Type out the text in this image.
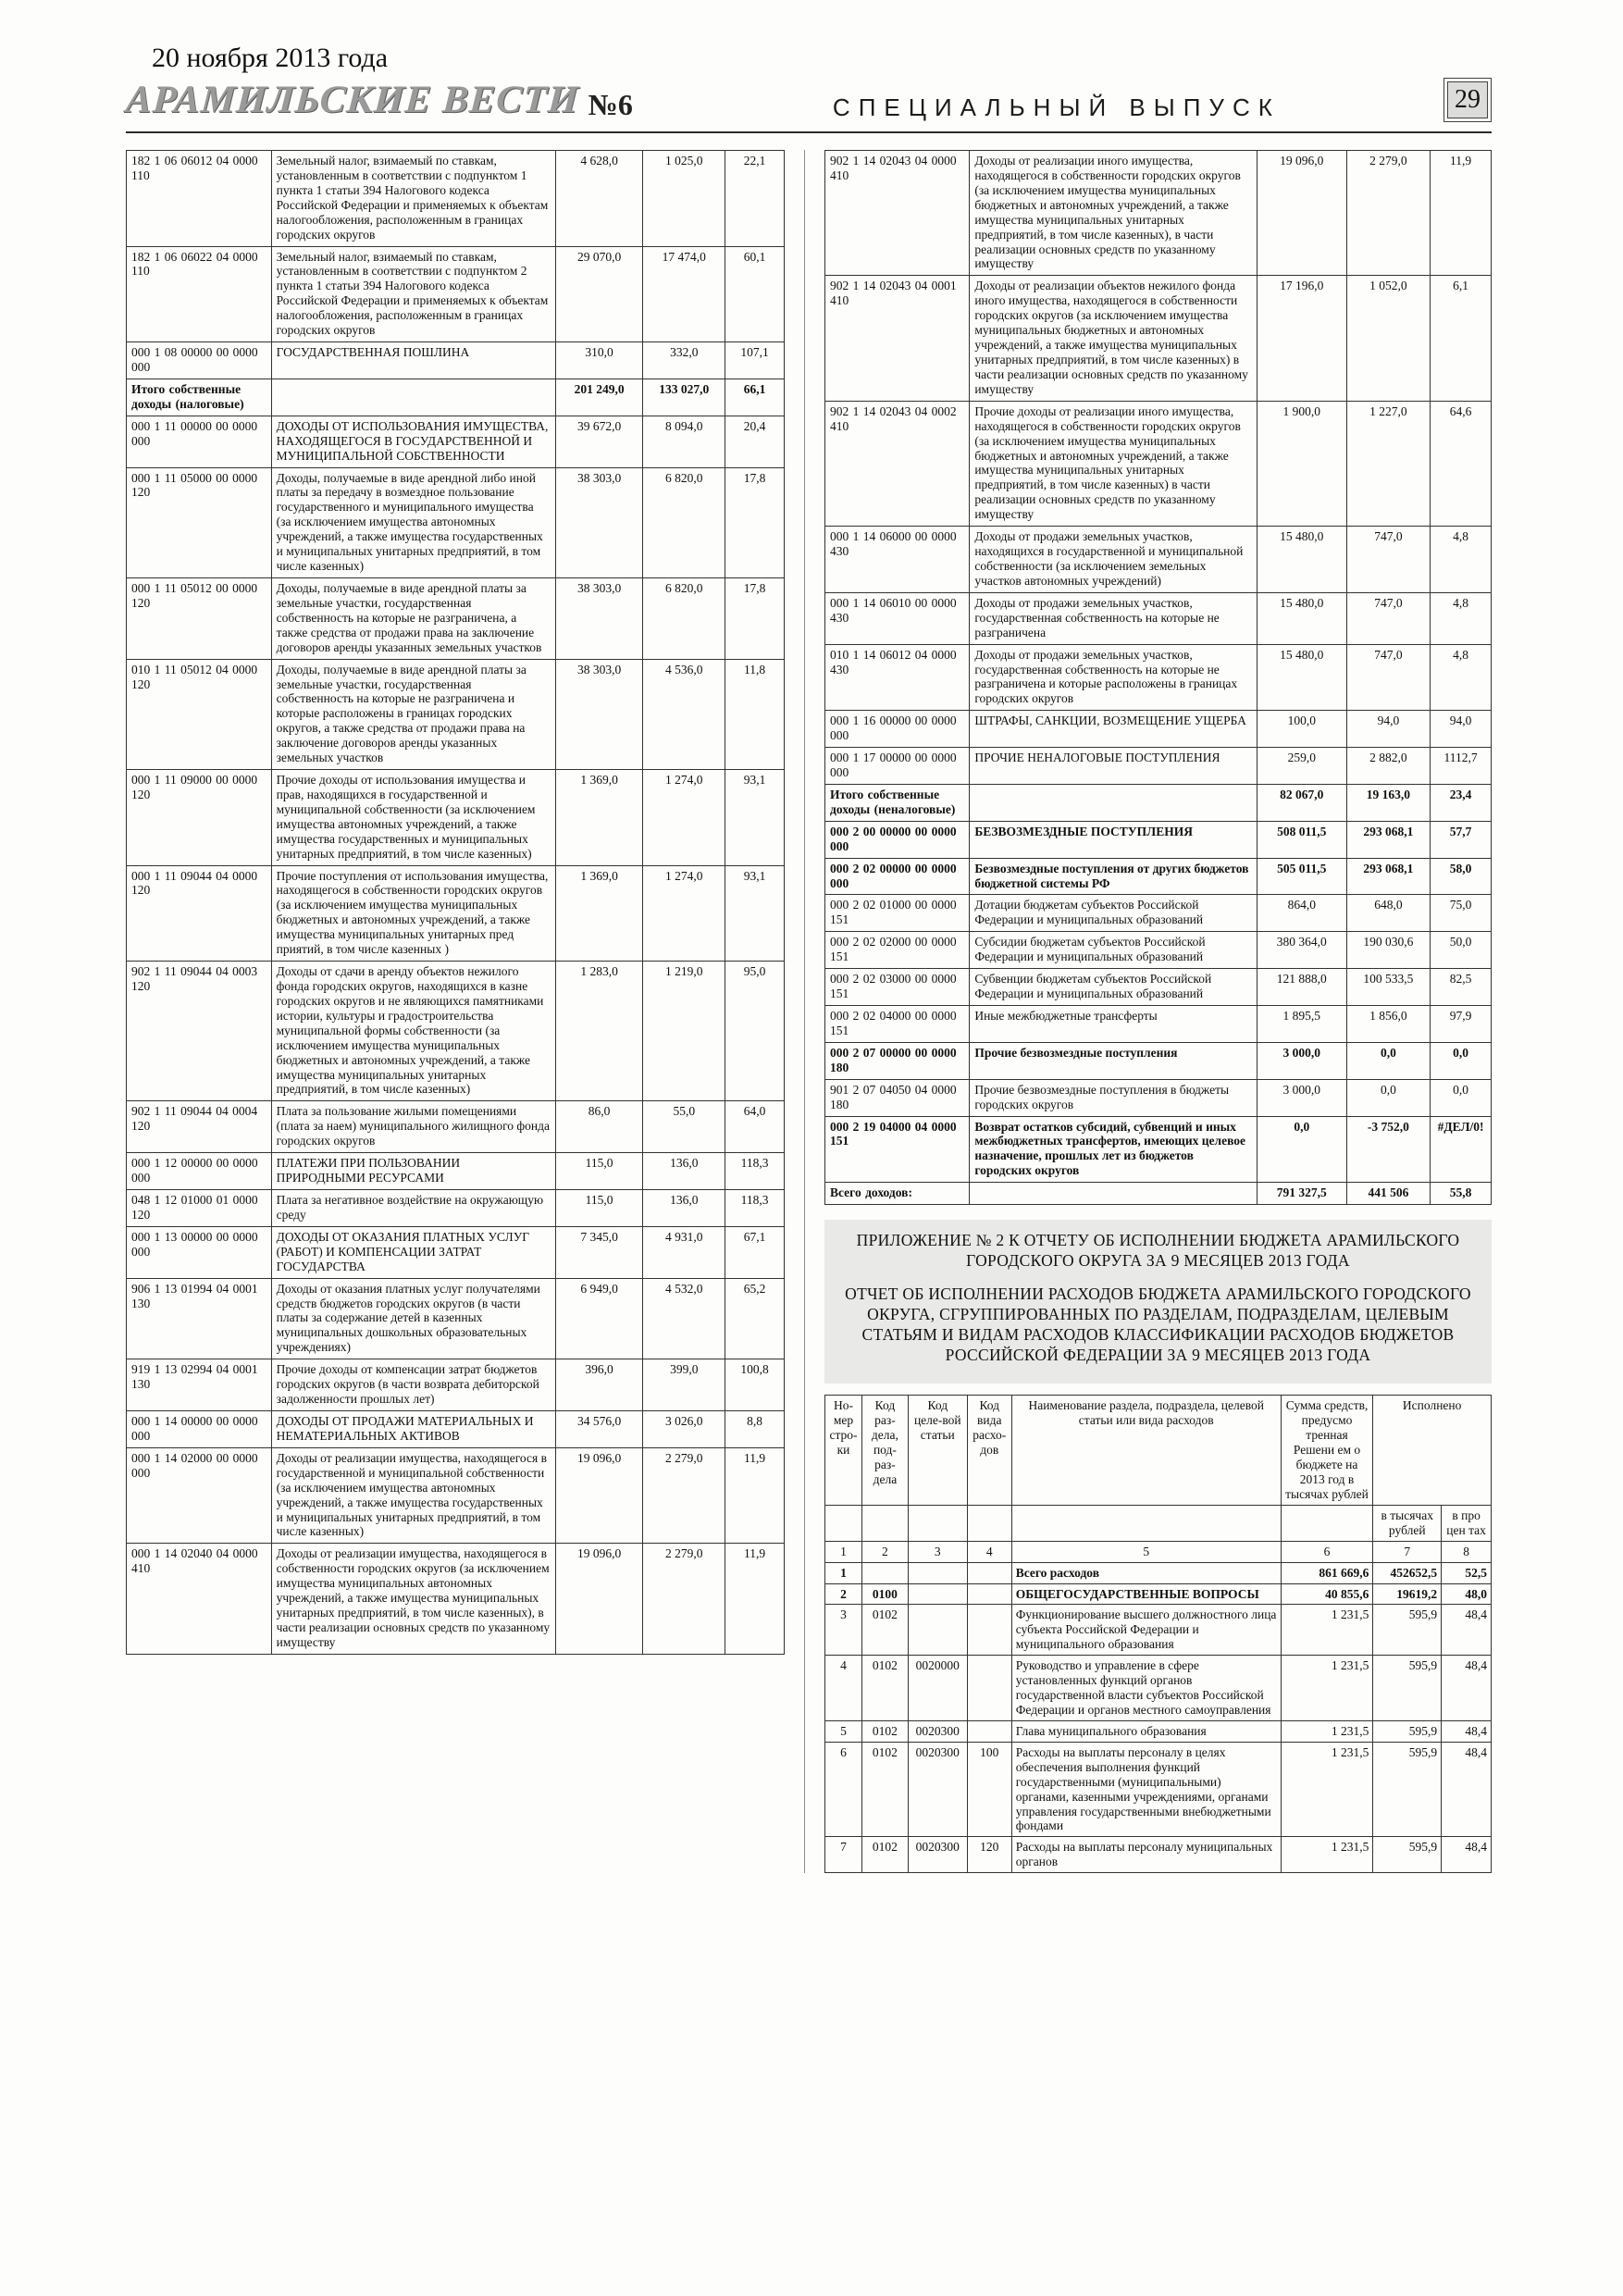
20 ноября 2013 года
АРАМИЛЬСКИЕ ВЕСТИ №6	СПЕЦИАЛЬНЫЙ ВЫПУСК	29
182 1 06 06012 04 0000 110	Земельный налог, взимаемый по ставкам, установленным в соответствии с подпунктом 1 пункта 1 статьи 394 Налогового кодекса Российской Федерации и применяемых к объектам налогообложения, расположенным в границах городских округов	4 628,0	1 025,0	22,1
182 1 06 06022 04 0000 110	Земельный налог, взимаемый по ставкам, установленным в соответствии с подпунктом 2 пункта 1 статьи 394 Налогового кодекса Российской Федерации и применяемых к объектам налогообложения, расположенным в границах городских округов	29 070,0	17 474,0	60,1
000 1 08 00000 00 0000 000	ГОСУДАРСТВЕННАЯ ПОШЛИНА	310,0	332,0	107,1
Итого собственные доходы (налоговые)		201 249,0	133 027,0	66,1
000 1 11 00000 00 0000 000	ДОХОДЫ ОТ ИСПОЛЬЗОВАНИЯ ИМУЩЕСТВА, НАХОДЯЩЕГОСЯ В ГОСУДАРСТВЕННОЙ И МУНИЦИПАЛЬНОЙ СОБСТВЕННОСТИ	39 672,0	8 094,0	20,4
000 1 11 05000 00 0000 120	Доходы, получаемые в виде арендной либо иной платы за передачу в возмездное пользование государственного и муниципального имущества (за исключением имущества автономных учреждений, а также имущества государственных и муниципальных унитарных предприятий, в том числе казенных)	38 303,0	6 820,0	17,8
000 1 11 05012 00 0000 120	Доходы, получаемые в виде арендной платы за земельные участки, государственная собственность на которые не разграничена, а также средства от продажи права на заключение договоров аренды указанных земельных участков	38 303,0	6 820,0	17,8
010 1 11 05012 04 0000 120	Доходы, получаемые в виде арендной платы за земельные участки, государственная собственность на которые не разграничена и которые расположены в границах городских округов, а также средства от продажи права на заключение договоров аренды указанных земельных участков	38 303,0	4 536,0	11,8
000 1 11 09000 00 0000 120	Прочие доходы от использования имущества и прав, находящихся в государственной и муниципальной собственности (за исключением имущества автономных учреждений, а также имущества государственных и муниципальных унитарных предприятий, в том числе казенных)	1 369,0	1 274,0	93,1
000 1 11 09044 04 0000 120	Прочие поступления от использования имущества, находящегося в собственности городских округов (за исключением имущества муниципальных бюджетных и автономных учреждений, а также имущества муниципальных унитарных пред приятий, в том числе казенных )	1 369,0	1 274,0	93,1
902 1 11 09044 04 0003 120	Доходы от сдачи в аренду объектов нежилого фонда городских округов, находящихся в казне городских округов и не являющихся памятниками истории, культуры и градостроительства муниципальной формы собственности (за исключением имущества муниципальных бюджетных и автономных учреждений, а также имущества муниципальных унитарных предприятий, в том числе казенных)	1 283,0	1 219,0	95,0
902 1 11 09044 04 0004 120	Плата за пользование жилыми помещениями (плата за наем) муниципального жилищного фонда городских округов	86,0	55,0	64,0
000 1 12 00000 00 0000 000	ПЛАТЕЖИ ПРИ ПОЛЬЗОВАНИИ ПРИРОДНЫМИ РЕСУРСАМИ	115,0	136,0	118,3
048 1 12 01000 01 0000 120	Плата за негативное воздействие на окружающую среду	115,0	136,0	118,3
000 1 13 00000 00 0000 000	ДОХОДЫ ОТ ОКАЗАНИЯ ПЛАТНЫХ УСЛУГ (РАБОТ) И КОМПЕНСАЦИИ ЗАТРАТ ГОСУДАРСТВА	7 345,0	4 931,0	67,1
906 1 13 01994 04 0001 130	Доходы от оказания платных услуг получателями средств бюджетов городских округов (в части платы за содержание детей в казенных муниципальных дошкольных образовательных учреждениях)	6 949,0	4 532,0	65,2
919 1 13 02994 04 0001 130	Прочие доходы от компенсации затрат бюджетов городских округов (в части возврата дебиторской задолженности прошлых лет)	396,0	399,0	100,8
000 1 14 00000 00 0000 000	ДОХОДЫ ОТ ПРОДАЖИ МАТЕРИАЛЬНЫХ И НЕМАТЕРИАЛЬНЫХ АКТИВОВ	34 576,0	3 026,0	8,8
000 1 14 02000 00 0000 000	Доходы от реализации имущества, находящегося в государственной и муниципальной собственности (за исключением имущества автономных учреждений, а также имущества государственных и муниципальных унитарных предприятий, в том числе казенных)	19 096,0	2 279,0	11,9
000 1 14 02040 04 0000 410	Доходы от реализации имущества, находящегося в собственности городских округов (за исключением имущества муниципальных автономных учреждений, а также имущества муниципальных унитарных предприятий, в том числе казенных), в части реализации основных средств по указанному имуществу	19 096,0	2 279,0	11,9
902 1 14 02043 04 0000 410	Доходы от реализации иного имущества, находящегося в собственности городских округов (за исключением имущества муниципальных бюджетных и автономных учреждений, а также имущества муниципальных унитарных предприятий, в том числе казенных), в части реализации основных средств по указанному имуществу	19 096,0	2 279,0	11,9
902 1 14 02043 04 0001 410	Доходы от реализации объектов нежилого фонда иного имущества, находящегося в собственности городских округов (за исключением имущества муниципальных бюджетных и автономных учреждений, а также имущества муниципальных унитарных предприятий, в том числе казенных) в части реализации основных средств по указанному имуществу	17 196,0	1 052,0	6,1
902 1 14 02043 04 0002 410	Прочие доходы от реализации иного имущества, находящегося в собственности городских округов (за исключением имущества муниципальных бюджетных и автономных учреждений, а также имущества муниципальных унитарных предприятий, в том числе казенных) в части реализации основных средств по указанному имуществу	1 900,0	1 227,0	64,6
000 1 14 06000 00 0000 430	Доходы от продажи земельных участков, находящихся в государственной и муниципальной собственности (за исключением земельных участков автономных учреждений)	15 480,0	747,0	4,8
000 1 14 06010 00 0000 430	Доходы от продажи земельных участков, государственная собственность на которые не разграничена	15 480,0	747,0	4,8
010 1 14 06012 04 0000 430	Доходы от продажи земельных участков, государственная собственность на которые не разграничена и которые расположены в границах городских округов	15 480,0	747,0	4,8
000 1 16 00000 00 0000 000	ШТРАФЫ, САНКЦИИ, ВОЗМЕЩЕНИЕ УЩЕРБА	100,0	94,0	94,0
000 1 17 00000 00 0000 000	ПРОЧИЕ НЕНАЛОГОВЫЕ ПОСТУПЛЕНИЯ	259,0	2 882,0	1112,7
Итого собственные доходы (неналоговые)		82 067,0	19 163,0	23,4
000 2 00 00000 00 0000 000	БЕЗВОЗМЕЗДНЫЕ ПОСТУПЛЕНИЯ	508 011,5	293 068,1	57,7
000 2 02 00000 00 0000 000	Безвозмездные поступления от других бюджетов бюджетной системы РФ	505 011,5	293 068,1	58,0
000 2 02 01000 00 0000 151	Дотации бюджетам субъектов Российской Федерации и муниципальных образований	864,0	648,0	75,0
000 2 02 02000 00 0000 151	Субсидии бюджетам субъектов Российской Федерации и муниципальных образований	380 364,0	190 030,6	50,0
000 2 02 03000 00 0000 151	Субвенции бюджетам субъектов Российской Федерации и муниципальных образований	121 888,0	100 533,5	82,5
000 2 02 04000 00 0000 151	Иные межбюджетные трансферты	1 895,5	1 856,0	97,9
000 2 07 00000 00 0000 180	Прочие безвозмездные поступления	3 000,0	0,0	0,0
901 2 07 04050 04 0000 180	Прочие безвозмездные поступления в бюджеты городских округов	3 000,0	0,0	0,0
000 2 19 04000 04 0000 151	Возврат остатков субсидий, субвенций и иных межбюджетных трансфертов, имеющих целевое назначение, прошлых лет из бюджетов городских округов	0,0	-3 752,0	#ДЕЛ/0!
Всего доходов:		791 327,5	441 506	55,8

ПРИЛОЖЕНИЕ № 2 К ОТЧЕТУ ОБ ИСПОЛНЕНИИ БЮДЖЕТА АРАМИЛЬСКОГО ГОРОДСКОГО ОКРУГА ЗА 9 МЕСЯЦЕВ 2013 ГОДА

ОТЧЕТ ОБ ИСПОЛНЕНИИ РАСХОДОВ БЮДЖЕТА АРАМИЛЬСКОГО ГОРОДСКОГО ОКРУГА, СГРУППИРОВАННЫХ ПО РАЗДЕЛАМ, ПОДРАЗДЕЛАМ, ЦЕЛЕВЫМ СТАТЬЯМ И ВИДАМ РАСХОДОВ КЛАССИФИКАЦИИ РАСХОДОВ БЮДЖЕТОВ РОССИЙСКОЙ ФЕДЕРАЦИИ ЗА 9 МЕСЯЦЕВ 2013 ГОДА

Но-мер стро-ки	Код раз-дела, под-раз-дела	Код целе-вой статьи	Код вида расхо-дов	Наименование раздела, подраздела, целевой статьи или вида расходов	Сумма средств, предусмо тренная Решени ем о бюджете на 2013 год в тысячах рублей	Исполнено	
						в тысячах рублей	в про цен тах
1	2	3	4	5	6	7	8
1				Всего расходов	861 669,6	452652,5	52,5
2	0100			ОБЩЕГОСУДАРСТВЕННЫЕ ВОПРОСЫ	40 855,6	19619,2	48,0
3	0102			Функционирование высшего должностного лица субъекта Российской Федерации и муниципального образования	1 231,5	595,9	48,4
4	0102	0020000		Руководство и управление в сфере установленных функций органов государственной власти субъектов Российской Федерации и органов местного самоуправления	1 231,5	595,9	48,4
5	0102	0020300		Глава муниципального образования	1 231,5	595,9	48,4
6	0102	0020300	100	Расходы на выплаты персоналу в целях обеспечения выполнения функций государственными (муниципальными) органами, казенными учреждениями, органами управления государственными внебюджетными фондами	1 231,5	595,9	48,4
7	0102	0020300	120	Расходы на выплаты персоналу муниципальных органов	1 231,5	595,9	48,4
